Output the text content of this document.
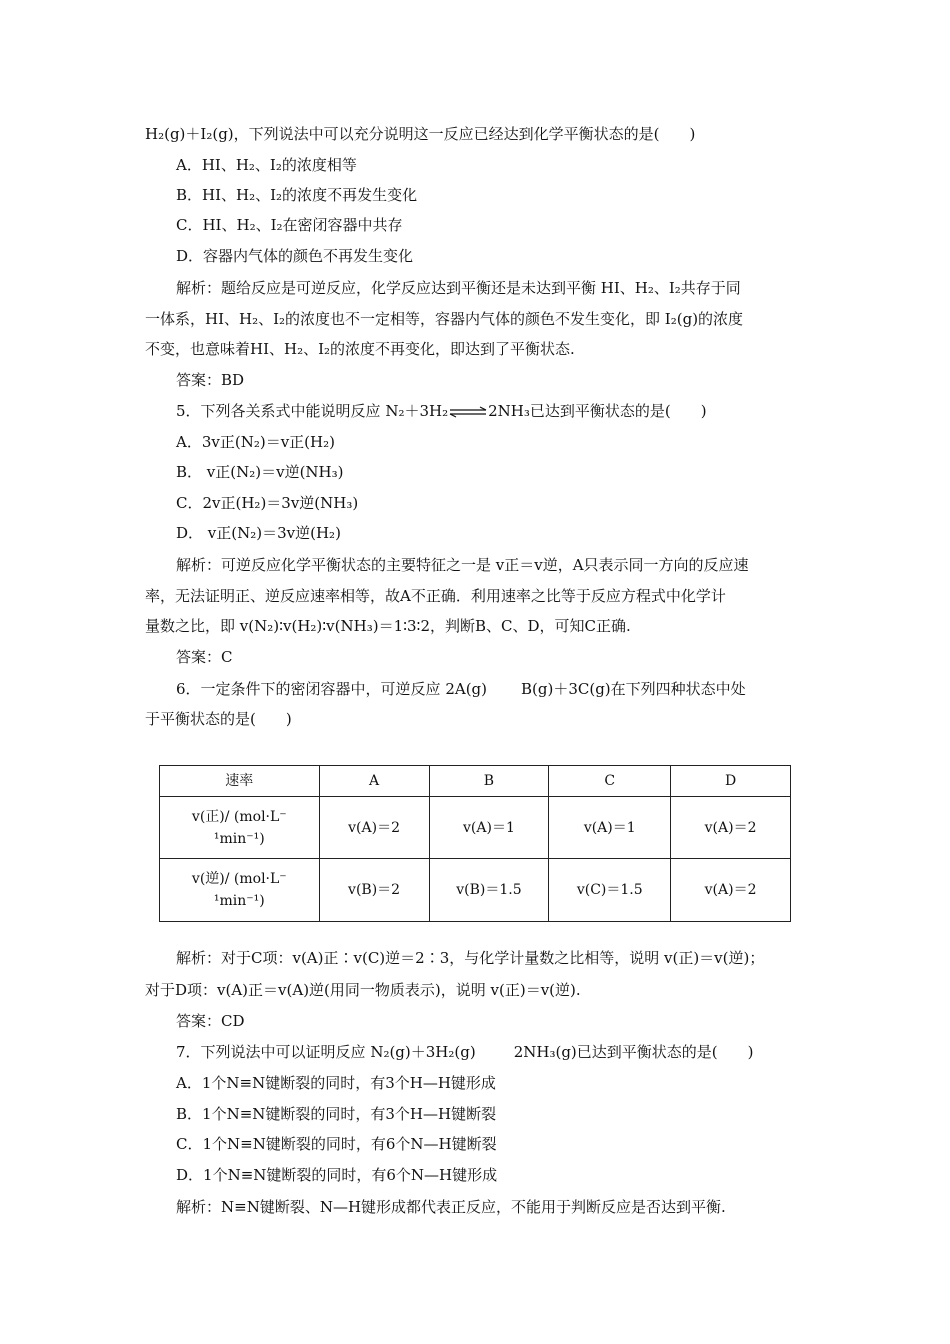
H₂(g)＋I₂(g)，下列说法中可以充分说明这一反应已经达到化学平衡状态的是(　　)
A．HI、H₂、I₂的浓度相等
B．HI、H₂、I₂的浓度不再发生变化
C．HI、H₂、I₂在密闭容器中共存
D．容器内气体的颜色不再发生变化
解析：题给反应是可逆反应，化学反应达到平衡还是未达到平衡 HI、H₂、I₂共存于同
一体系，HI、H₂、I₂的浓度也不一定相等，容器内气体的颜色不发生变化，即 I₂(g)的浓度
不变，也意味着HI、H₂、I₂的浓度不再变化，即达到了平衡状态.
答案：BD
5．下列各关系式中能说明反应 N₂＋3H₂⇌2NH₃已达到平衡状态的是(　　)
A．3v正(N₂)＝v正(H₂)
B． v正(N₂)＝v逆(NH₃)
C．2v正(H₂)＝3v逆(NH₃)
D． v正(N₂)＝3v逆(H₂)
解析：可逆反应化学平衡状态的主要特征之一是 v正＝v逆，A只表示同一方向的反应速
率，无法证明正、逆反应速率相等，故A不正确．利用速率之比等于反应方程式中化学计
量数之比，即 v(N₂)∶v(H₂)∶v(NH₃)＝1∶3∶2，判断B、C、D，可知C正确.
答案：C
6．一定条件下的密闭容器中，可逆反应 2A(g) B(g)＋3C(g)在下列四种状态中处
于平衡状态的是(　　)
速率	A	B	C	D

v(正)/ (mol·L⁻
¹min⁻¹)	v(A)＝2	v(A)＝1	v(A)＝1	v(A)＝2

v(逆)/ (mol·L⁻
¹min⁻¹)	v(B)＝2	v(B)＝1.5	v(C)＝1.5	v(A)＝2
解析：对于C项：v(A)正∶v(C)逆＝2∶3，与化学计量数之比相等，说明 v(正)＝v(逆)；
对于D项：v(A)正＝v(A)逆(用同一物质表示)，说明 v(正)＝v(逆).
答案：CD
7．下列说法中可以证明反应 N₂(g)＋3H₂(g)	2NH₃(g)已达到平衡状态的是(　　)
A．1个N≡N键断裂的同时，有3个H—H键形成
B．1个N≡N键断裂的同时，有3个H—H键断裂
C．1个N≡N键断裂的同时，有6个N—H键断裂
D．1个N≡N键断裂的同时，有6个N—H键形成
解析：N≡N键断裂、N—H键形成都代表正反应，不能用于判断反应是否达到平衡.
